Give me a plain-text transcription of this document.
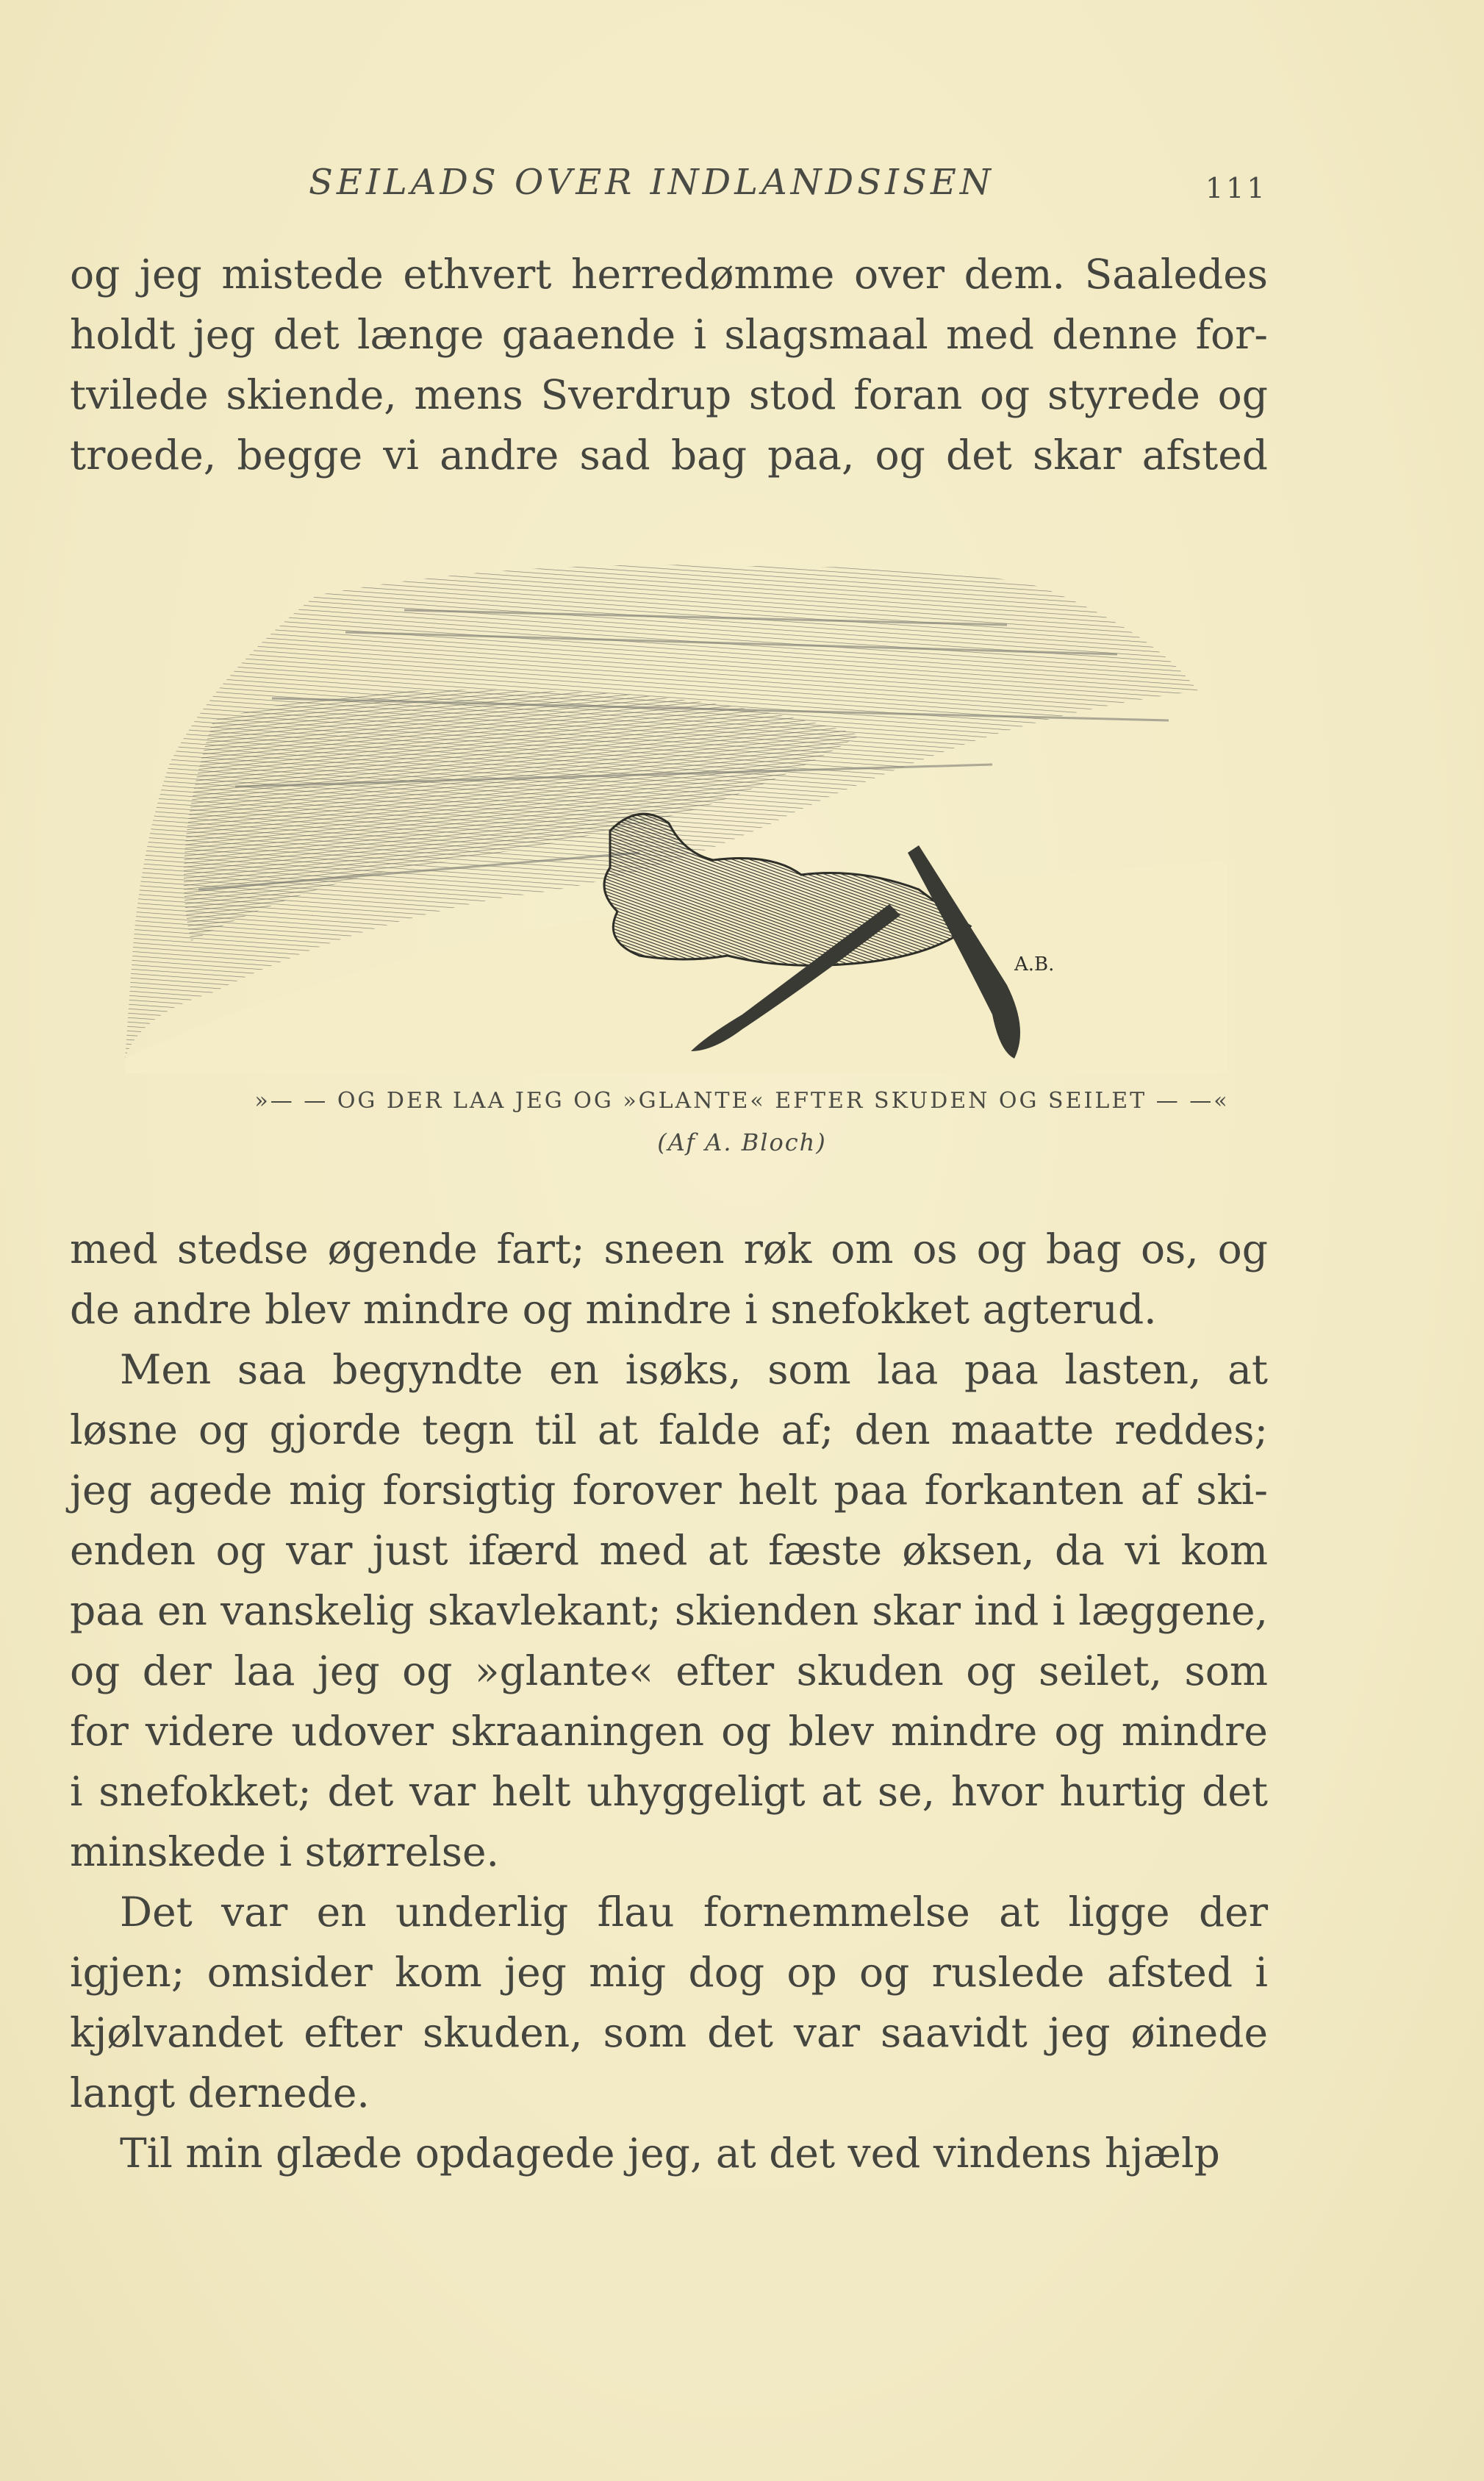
SEILADS OVER INDLANDSISEN	111
og jeg mistede ethvert herredømme over dem. Saaledes
holdt jeg det længe gaaende i slagsmaal med denne for-
tvilede skiende, mens Sverdrup stod foran og styrede og
troede, begge vi andre sad bag paa, og det skar afsted
A.B.
»— — OG DER LAA JEG OG »GLANTE« EFTER SKUDEN OG SEILET — —«
(Af A. Bloch)
med stedse øgende fart; sneen røk om os og bag os, og
de andre blev mindre og mindre i snefokket agterud.
Men saa begyndte en isøks, som laa paa lasten, at
løsne og gjorde tegn til at falde af; den maatte reddes;
jeg agede mig forsigtig forover helt paa forkanten af ski-
enden og var just ifærd med at fæste øksen, da vi kom
paa en vanskelig skavlekant; skienden skar ind i læggene,
og der laa jeg og »glante« efter skuden og seilet, som
for videre udover skraaningen og blev mindre og mindre
i snefokket; det var helt uhyggeligt at se, hvor hurtig det
minskede i størrelse.
Det var en underlig flau fornemmelse at ligge der
igjen; omsider kom jeg mig dog op og ruslede afsted i
kjølvandet efter skuden, som det var saavidt jeg øinede
langt dernede.
Til min glæde opdagede jeg, at det ved vindens hjælp
